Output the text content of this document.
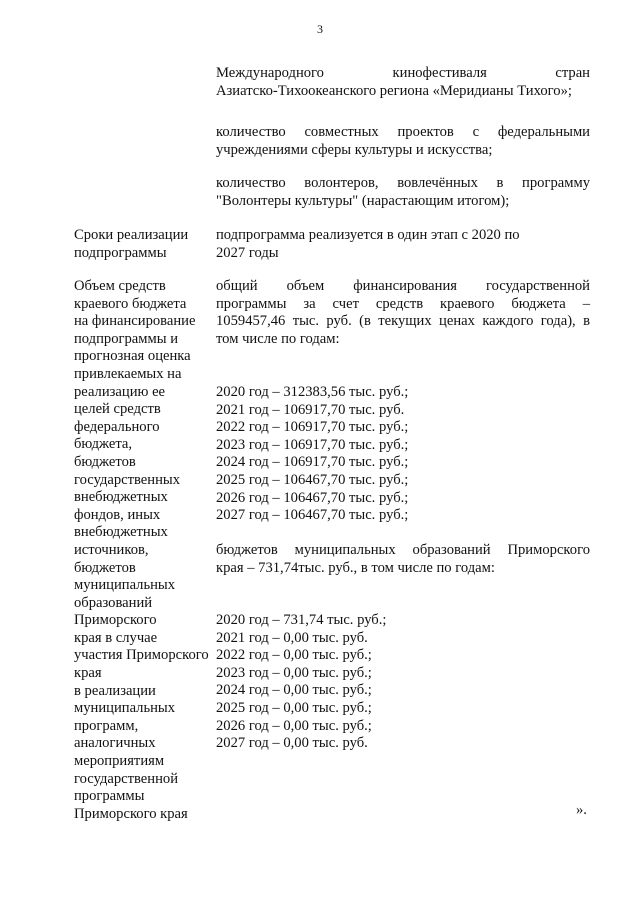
3
Международного кинофестиваля стран
Азиатско-Тихоокеанского региона «Меридианы Тихого»;
количество совместных проектов с федеральными
учреждениями сферы культуры и искусства;
количество волонтеров, вовлечённых в программу
"Волонтеры культуры" (нарастающим итогом);
Сроки реализации
подпрограммы
подпрограмма реализуется в один этап с 2020 по
2027 годы
Объем средств
краевого бюджета
на финансирование
подпрограммы и
прогнозная оценка
привлекаемых на
реализацию ее
целей средств
федерального
бюджета,
бюджетов
государственных
внебюджетных
фондов, иных
внебюджетных
источников,
бюджетов
муниципальных
образований
Приморского
края в случае
участия Приморского
края
в реализации
муниципальных
программ,
аналогичных
мероприятиям
государственной
программы
Приморского края
общий объем финансирования государственной
программы за счет средств краевого бюджета –
1059457,46 тыс. руб. (в текущих ценах каждого года), в
том числе по годам:
2020 год – 312383,56 тыс. руб.;
2021 год – 106917,70 тыс. руб.
2022 год – 106917,70 тыс. руб.;
2023 год – 106917,70 тыс. руб.;
2024 год – 106917,70 тыс. руб.;
2025 год – 106467,70 тыс. руб.;
2026 год – 106467,70 тыс. руб.;
2027 год – 106467,70 тыс. руб.;
бюджетов муниципальных образований Приморского
края – 731,74тыс. руб., в том числе по годам:
2020 год – 731,74 тыс. руб.;
2021 год – 0,00 тыс. руб.
2022 год – 0,00 тыс. руб.;
2023 год – 0,00 тыс. руб.;
2024 год – 0,00 тыс. руб.;
2025 год – 0,00 тыс. руб.;
2026 год – 0,00 тыс. руб.;
2027 год – 0,00 тыс. руб.
».
